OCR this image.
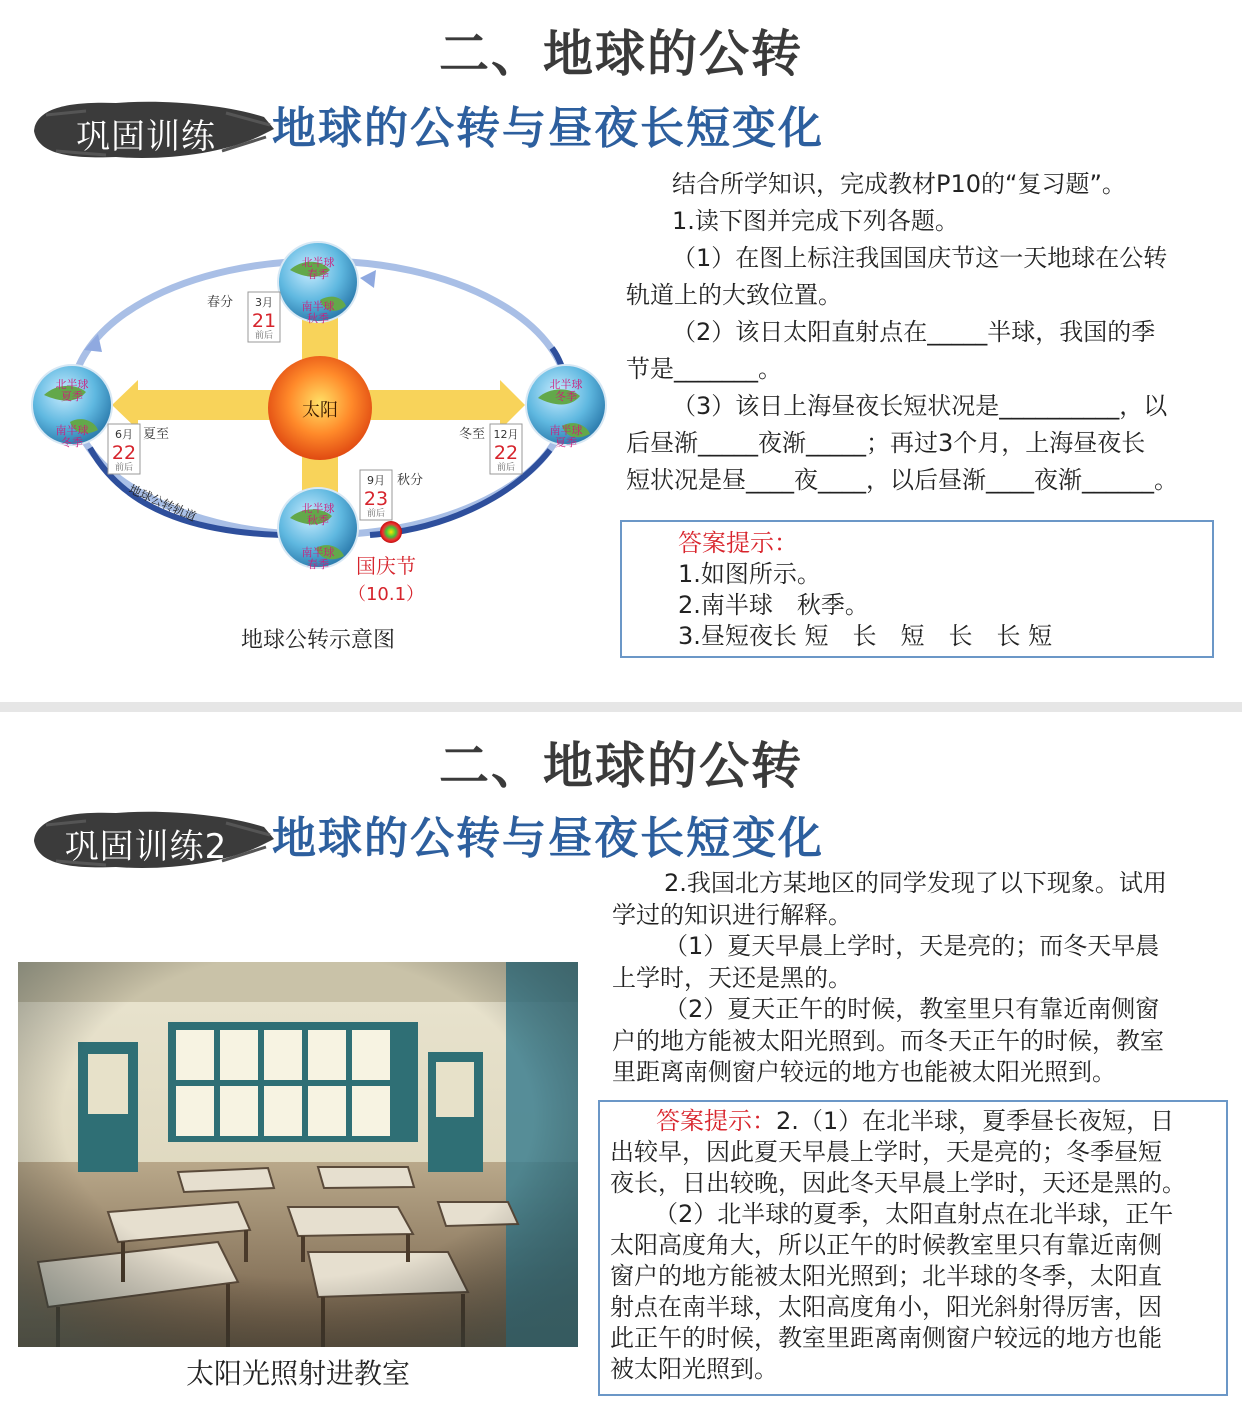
二、地球的公转
巩固训练	地球的公转与昼夜长短变化
太阳
北半球
春季
南半球
秋季
北半球
夏季
南半球
冬季
北半球
冬季
南半球
夏季
北半球
秋季
南半球
春季
春分 3月
21
前后
6月
22
前后
夏至	冬至 12月
22
前后
9月
23
前后
秋分
地球公转轨道
国庆节
（10.1）
地球公转示意图

结合所学知识，完成教材P10的“复习题”。

1.读下图并完成下列各题。

（1）在图上标注我国国庆节这一天地球在公转

轨道上的大致位置。

（2）该日太阳直射点在_____半球，我国的季

节是_______。

（3）该日上海昼夜长短状况是__________，以

后昼渐_____夜渐_____；再过3个月，上海昼夜长

短状况是昼____夜____，以后昼渐____夜渐______。

答案提示：

1.如图所示。

2.南半球　秋季。

3.昼短夜长 短　长　短　长　长 短

二、地球的公转
巩固训练2	地球的公转与昼夜长短变化
太阳光照射进教室

　2.我国北方某地区的同学发现了以下现象。试用

学过的知识进行解释。

　（1）夏天早晨上学时，天是亮的；而冬天早晨

上学时，天还是黑的。

　（2）夏天正午的时候，教室里只有靠近南侧窗

户的地方能被太阳光照到。而冬天正午的时候，教室

里距离南侧窗户较远的地方也能被太阳光照到。

答案提示：2.（1）在北半球，夏季昼长夜短，日

出较早，因此夏天早晨上学时，天是亮的；冬季昼短

夜长，日出较晚，因此冬天早晨上学时，天还是黑的。

　（2）北半球的夏季，太阳直射点在北半球，正午

太阳高度角大，所以正午的时候教室里只有靠近南侧

窗户的地方能被太阳光照到；北半球的冬季，太阳直

射点在南半球，太阳高度角小，阳光斜射得厉害，因

此正午的时候，教室里距离南侧窗户较远的地方也能

被太阳光照到。
